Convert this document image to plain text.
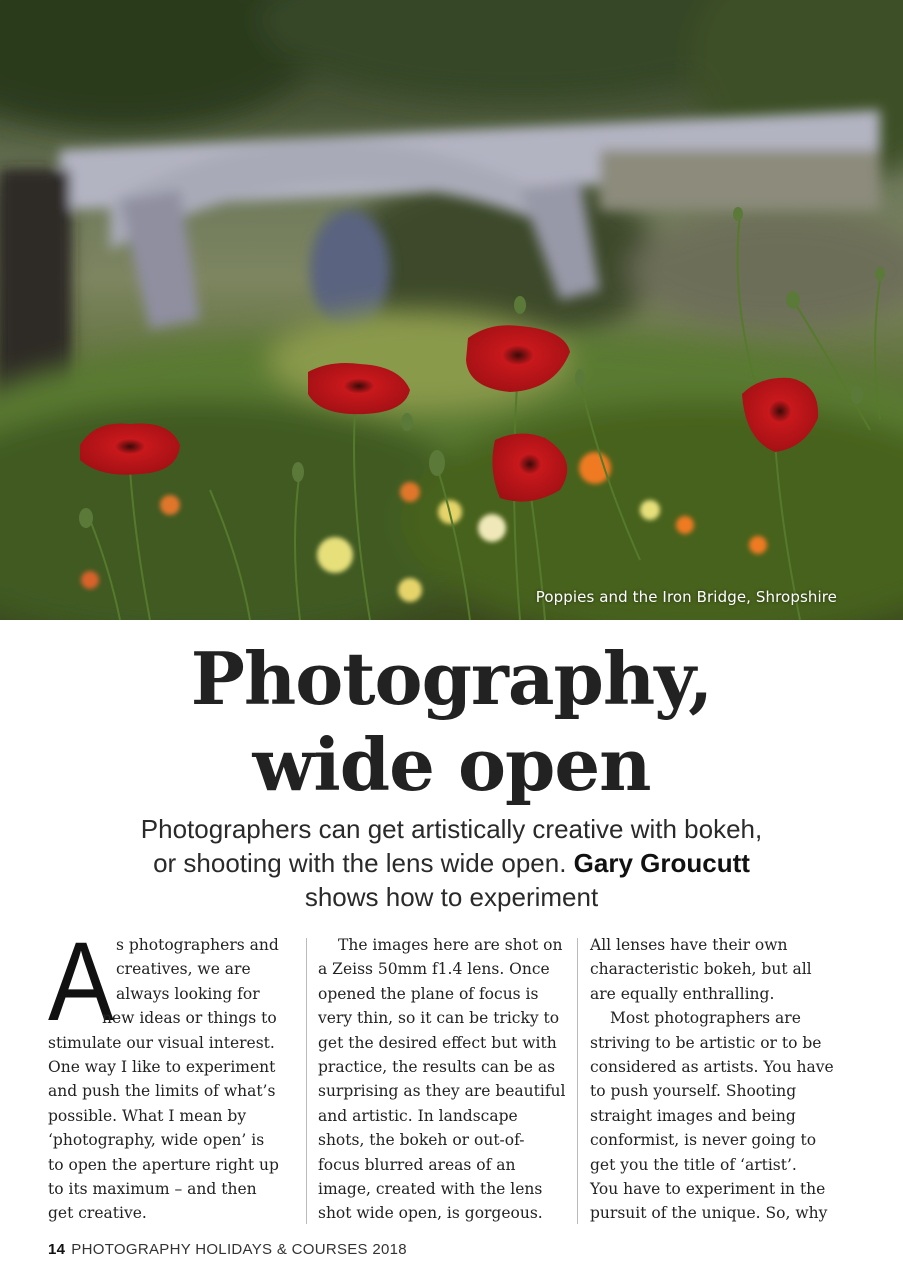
Poppies and the Iron Bridge, Shropshire
Photography,
wide open
Photographers can get artistically creative with bokeh,
or shooting with the lens wide open. Gary Groucutt
shows how to experiment
A s photographers and

creatives, we are

always looking for

new ideas or things to

stimulate our visual interest.

One way I like to experiment

and push the limits of what’s

possible. What I mean by

‘photography, wide open’ is

to open the aperture right up

to its maximum – and then

get creative.

The images here are shot on

a Zeiss 50mm f1.4 lens. Once

opened the plane of focus is

very thin, so it can be tricky to

get the desired effect but with

practice, the results can be as

surprising as they are beautiful

and artistic. In landscape

shots, the bokeh or out-of-

focus blurred areas of an

image, created with the lens

shot wide open, is gorgeous.

All lenses have their own

characteristic bokeh, but all

are equally enthralling.

Most photographers are

striving to be artistic or to be

considered as artists. You have

to push yourself. Shooting

straight images and being

conformist, is never going to

get you the title of ‘artist’.

You have to experiment in the

pursuit of the unique. So, why

14 PHOTOGRAPHY HOLIDAYS & COURSES 2018
